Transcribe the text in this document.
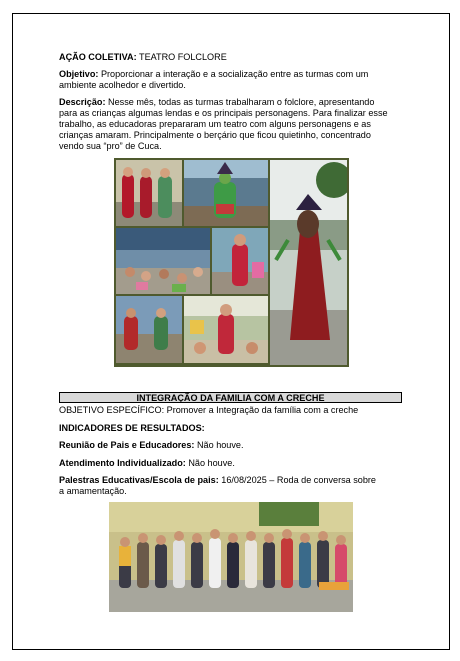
AÇÃO COLETIVA: TEATRO FOLCLORE
Objetivo: Proporcionar a interação e a socialização entre as turmas com um
ambiente acolhedor e divertido.
Descrição: Nesse mês, todas as turmas trabalharam o folclore, apresentando
para as crianças algumas lendas e os principais personagens. Para finalizar esse
trabalho, as educadoras prepararam um teatro com alguns personagens e as
crianças amaram. Principalmente o berçário que ficou quietinho, concentrado
vendo sua “pro” de Cuca.
INTEGRAÇÃO DA FAMILIA COM A CRECHE
OBJETIVO ESPECÍFICO: Promover a Integração da família com a creche
INDICADORES DE RESULTADOS:
Reunião de Pais e Educadores: Não houve.
Atendimento Individualizado: Não houve.
Palestras Educativas/Escola de pais: 16/08/2025 – Roda de conversa sobre
a amamentação.
